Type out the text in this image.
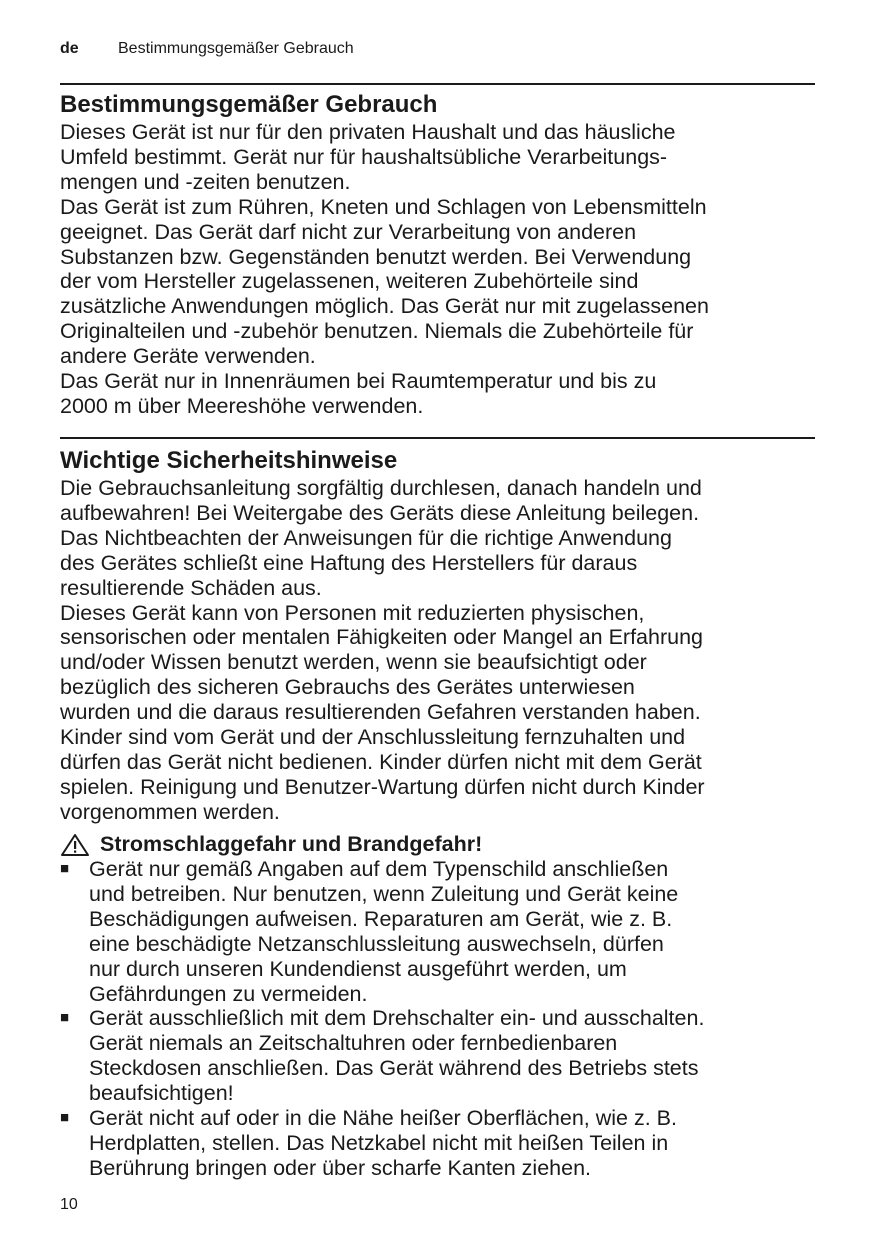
de Bestimmungsgemäßer Gebrauch
Bestimmungsgemäßer Gebrauch

Dieses Gerät ist nur für den privaten Haushalt und das häusliche
Umfeld bestimmt. Gerät nur für haushaltsübliche Verarbeitungs-
mengen und -zeiten benutzen.

Das Gerät ist zum Rühren, Kneten und Schlagen von Lebensmitteln
geeignet. Das Gerät darf nicht zur Verarbeitung von anderen
Substanzen bzw. Gegenständen benutzt werden. Bei Verwendung
der vom Hersteller zugelassenen, weiteren Zubehörteile sind
zusätzliche Anwendungen möglich. Das Gerät nur mit zugelassenen
Originalteilen und -zubehör benutzen. Niemals die Zubehörteile für
andere Geräte verwenden.

Das Gerät nur in Innenräumen bei Raumtemperatur und bis zu
2000 m über Meereshöhe verwenden.

Wichtige Sicherheitshinweise

Die Gebrauchsanleitung sorgfältig durchlesen, danach handeln und
aufbewahren! Bei Weitergabe des Geräts diese Anleitung beilegen.
Das Nichtbeachten der Anweisungen für die richtige Anwendung
des Gerätes schließt eine Haftung des Herstellers für daraus
resultierende Schäden aus.

Dieses Gerät kann von Personen mit reduzierten physischen,
sensorischen oder mentalen Fähigkeiten oder Mangel an Erfahrung
und/oder Wissen benutzt werden, wenn sie beaufsichtigt oder
bezüglich des sicheren Gebrauchs des Gerätes unterwiesen
wurden und die daraus resultierenden Gefahren verstanden haben.
Kinder sind vom Gerät und der Anschlussleitung fernzuhalten und
dürfen das Gerät nicht bedienen. Kinder dürfen nicht mit dem Gerät
spielen. Reinigung und Benutzer-Wartung dürfen nicht durch Kinder
vorgenommen werden.

Stromschlaggefahr und Brandgefahr!
■ Gerät nur gemäß Angaben auf dem Typenschild anschließen
und betreiben. Nur benutzen, wenn Zuleitung und Gerät keine
Beschädigungen aufweisen. Reparaturen am Gerät, wie z. B.
eine beschädigte Netzanschlussleitung auswechseln, dürfen
nur durch unseren Kundendienst ausgeführt werden, um
Gefährdungen zu vermeiden.
■ Gerät ausschließlich mit dem Drehschalter ein- und ausschalten.
Gerät niemals an Zeitschaltuhren oder fernbedienbaren
Steckdosen anschließen. Das Gerät während des Betriebs stets
beaufsichtigen!
■ Gerät nicht auf oder in die Nähe heißer Oberflächen, wie z. B.
Herdplatten, stellen. Das Netzkabel nicht mit heißen Teilen in
Berührung bringen oder über scharfe Kanten ziehen.
10
